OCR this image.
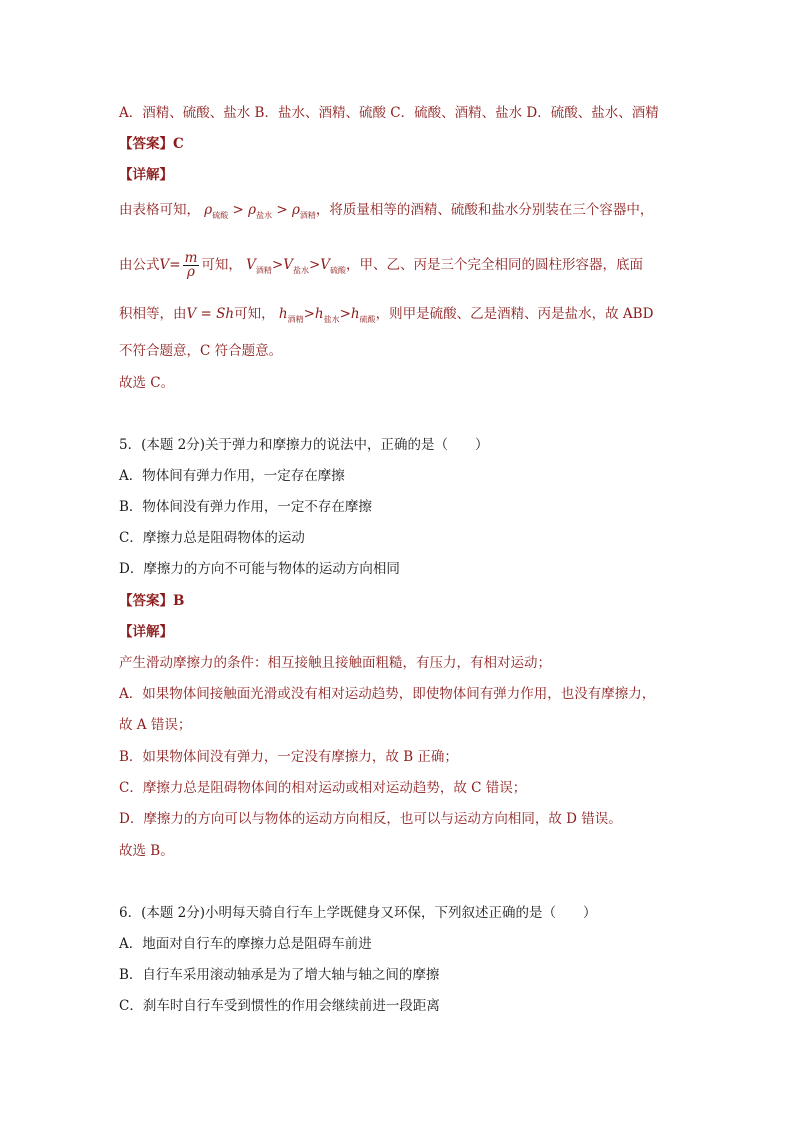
A．酒精、硫酸、盐水 B．盐水、酒精、硫酸 C．硫酸、酒精、盐水 D．硫酸、盐水、酒精
【答案】C
【详解】
由表格可知， $\rho_{硫酸} > \rho_{盐水} > \rho_{酒精}$，将质量相等的酒精、硫酸和盐水分别装在三个容器中，
由公式$V= \frac{m}{\rho}$ 可知， $V_{酒精}>V_{盐水}>V_{硫酸}$，甲、乙、丙是三个完全相同的圆柱形容器，底面
积相等，由V = Sh可知， $h_{酒精}>h_{盐水}>h_{硫酸}$，则甲是硫酸、乙是酒精、丙是盐水，故 ABD
不符合题意，C 符合题意。
故选 C。
5．(本题 2分)关于弹力和摩擦力的说法中，正确的是（　　）
A．物体间有弹力作用，一定存在摩擦
B．物体间没有弹力作用，一定不存在摩擦
C．摩擦力总是阻碍物体的运动
D．摩擦力的方向不可能与物体的运动方向相同
【答案】B
【详解】
产生滑动摩擦力的条件：相互接触且接触面粗糙，有压力，有相对运动；
A．如果物体间接触面光滑或没有相对运动趋势，即使物体间有弹力作用，也没有摩擦力，
故 A 错误；
B．如果物体间没有弹力，一定没有摩擦力，故 B 正确；
C．摩擦力总是阻碍物体间的相对运动或相对运动趋势，故 C 错误；
D．摩擦力的方向可以与物体的运动方向相反，也可以与运动方向相同，故 D 错误。
故选 B。
6．(本题 2分)小明每天骑自行车上学既健身又环保，下列叙述正确的是（　　）
A．地面对自行车的摩擦力总是阻碍车前进
B．自行车采用滚动轴承是为了增大轴与轴之间的摩擦
C．刹车时自行车受到惯性的作用会继续前进一段距离
